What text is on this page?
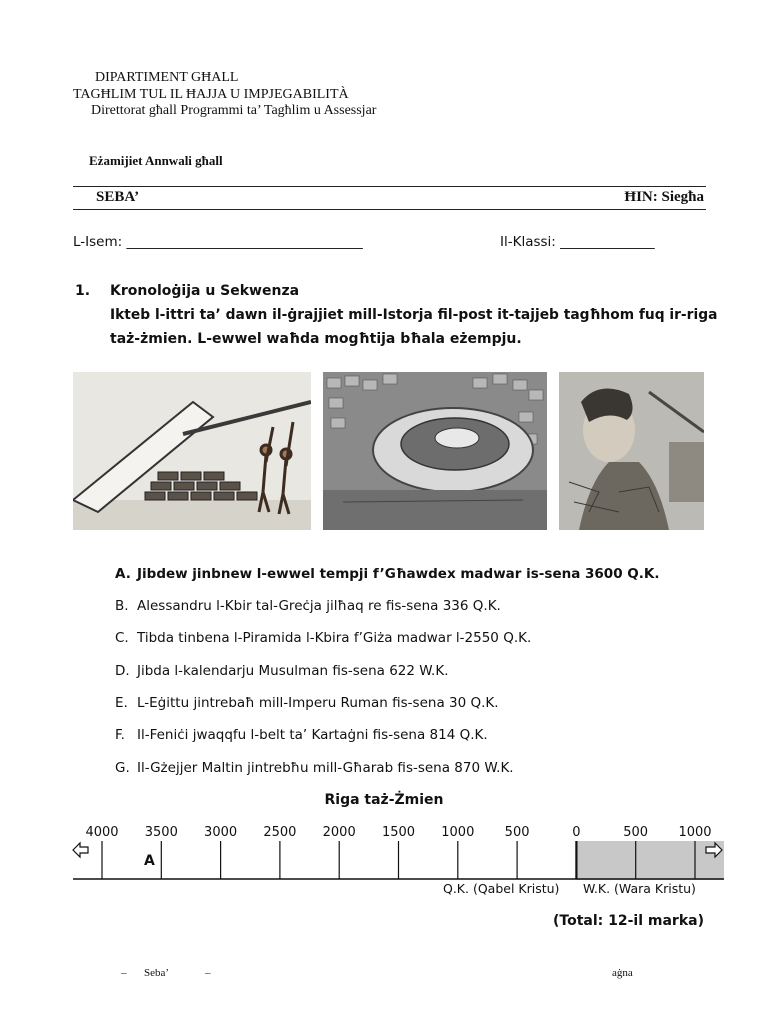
DIPARTIMENT GĦALL
TAGĦLIM TUL IL ĦAJJA U IMPJEGABILITÀ
Direttorat għall Programmi ta’ Tagħlim u Assessjar
Eżamijiet Annwali għall
SEBA’	ĦIN: Siegħa
L-Isem: ___________________________________	Il-Klassi: ______________
1. Kronoloġija u Sekwenza
Ikteb l-ittri ta’ dawn il-ġrajjiet mill-Istorja fil-post it-tajjeb tagħhom fuq ir-riga
taż-żmien. L-ewwel waħda mogħtija bħala eżempju.
A. Jibdew jinbnew l-ewwel tempji f’Għawdex madwar is-sena 3600 Q.K.
B. Alessandru l-Kbir tal-Greċja jilħaq re fis-sena 336 Q.K.
C. Tibda tinbena l-Piramida l-Kbira f’Giża madwar l-2550 Q.K.
D. Jibda l-kalendarju Musulman fis-sena 622 W.K.
E. L-Eġittu jintrebaħ mill-Imperu Ruman fis-sena 30 Q.K.
F. Il-Feniċi jwaqqfu l-belt ta’ Kartaġni fis-sena 814 Q.K.
G. Il-Gżejjer Maltin jintrebħu mill-Għarab fis-sena 870 W.K.
Riga taż-Żmien
4000	3500	3000	2500	2000	1500	1000	500	0	500	1000
A
Q.K. (Qabel Kristu) W.K. (Wara Kristu)
(Total: 12-il marka)
– Seba’	–	aġna
